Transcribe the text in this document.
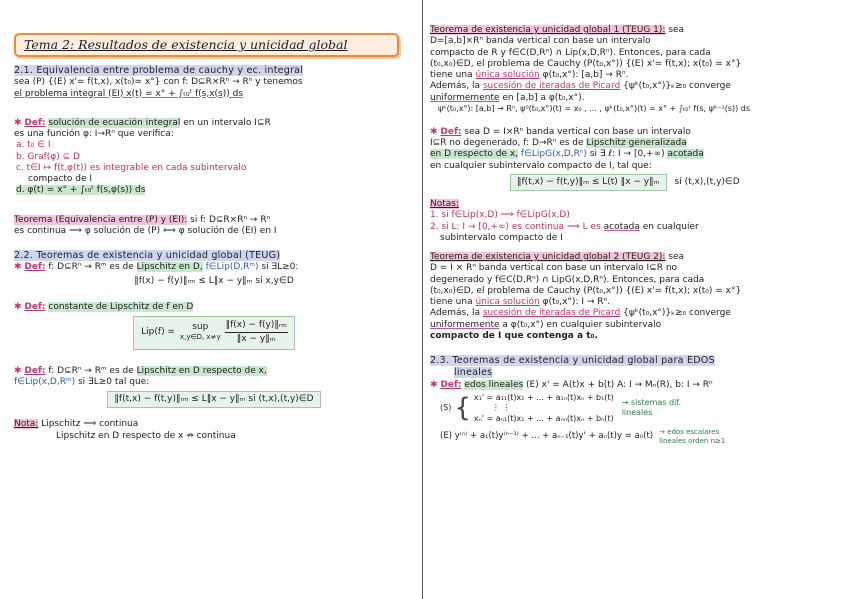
Tema 2: Resultados de existencia y unicidad global

2.1. Equivalencia entre problema de cauchy y ec. integral

sea (P) {(E) x'= f(t,x), x(t₀)= x°} con f: D⊆R×Rⁿ → Rⁿ y tenemos

el problema integral (EI) x(t) = x° + ∫ₜ₀ᵗ f(s,x(s)) ds

✱ Def: solución de ecuación integral en un intervalo I⊆R

es una función φ: I→Rⁿ que verifica:

a. t₀ ∈ I

b. Graf(φ) ⊆ D

c. t∈I ↦ f(t,φ(t)) es integrable en cada subintervalo

compacto de I

d. φ(t) = x° + ∫ₜ₀ᵗ f(s,φ(s)) ds

Teorema (Equivalencia entre (P) y (EI): si f: D⊆R×Rⁿ → Rⁿ

es continua ⟹ φ solución de (P) ⟺ φ solución de (EI) en I

2.2. Teoremas de existencia y unicidad global (TEUG)

✱ Def: f: D⊆Rⁿ → Rᵐ es de Lipschitz en D, f∈Lip(D,Rᵐ) si ∃L≥0:

‖f(x) − f(y)‖ᵣₘ ≤ L‖x − y‖ᵣₙ si x,y∈D

✱ Def: constante de Lipschitz de f en D

Lip(f) =	sup
x,y∈D, x≠y	‖f(x) − f(y)‖ᵣₘ
‖x − y‖ᵣₙ

✱ Def: f: D⊆Rⁿ → Rᵐ es de Lipschitz en D respecto de x,

f∈Lip(x,D,Rᵐ) si ∃L≥0 tal que:

‖f(t,x) − f(t,y)‖ᵣₘ ≤ L‖x − y‖ᵣₙ si (t,x),(t,y)∈D

Nota: Lipschitz ⟹ continua

Lipschitz en D respecto de x ⇏ continua

Teorema de existencia y unicidad global 1 (TEUG 1): sea

D=[a,b]×Rⁿ banda vertical con base un intervalo

compacto de R y f∈C(D,Rⁿ) ∩ Lip(x,D,Rⁿ). Entonces, para cada

(t₀,x₀)∈D, el problema de Cauchy (P(t₀,x°)) {(E) x'= f(t,x); x(t₀) = x°}

tiene una única solución φ(t₀,x°): [a,b] → Rⁿ.

Además, la sucesión de iteradas de Picard {ψᵏ(t₀,x°)}ₖ≥₀ converge

uniformemente en [a,b] a φ(t₀,x°).

ψᵏ(t₀,x°): [a,b] → Rⁿ, ψ⁰(t₀,x°)(t) = x₀ , ... , ψᵏ(t₀,x°)(t) = x° + ∫ₜ₀ᵗ f(s, ψᵏ⁻¹(s)) ds

✱ Def: sea D = I×Rⁿ banda vertical con base un intervalo

I⊆R no degenerado, f: D→Rⁿ es de Lipschitz generalizada

en D respecto de x, f∈LipG(x,D,Rⁿ) si ∃ ℓ: I → [0,+∞) acotada

en cualquier subintervalo compacto de I, tal que:

‖f(t,x) − f(t,y)‖ᵣₙ ≤ L(t) ‖x − y‖ᵣₙ si (t,x),(t,y)∈D

Notas:

1. si f∈Lip(x,D) ⟹ f∈LipG(x,D)

2. si L: I → [0,+∞) es continua ⟹ L es acotada en cualquier

subintervalo compacto de I

Teorema de existencia y unicidad global 2 (TEUG 2): sea

D = I × Rⁿ banda vertical con base un intervalo I⊆R no

degenerado y f∈C(D,Rⁿ) ∩ LipG(x,D,Rⁿ). Entonces, para cada

(t₀,x₀)∈D, el problema de Cauchy (P(t₀,x°)) {(E) x'= f(t,x); x(t₀) = x°}

tiene una única solución φ(t₀,x°): I → Rⁿ.

Además, la sucesión de iteradas de Picard {ψᵏ(t₀,x°)}ₖ≥₀ converge

uniformemente a φ(t₀,x°) en cualquier subintervalo

compacto de I que contenga a t₀.

2.3. Teoremas de existencia y unicidad global para EDOS

lineales

✱ Def: edos lineales (E) x' = A(t)x + b(t) A: I → Mₙ(R), b: I → Rⁿ

(S) { x₁' = a₁₁(t)x₁ + ... + a₁ₙ(t)xₙ + b₁(t)
⋮ ⋮
xₙ' = aₙ₁(t)x₁ + ... + aₙₙ(t)xₙ + bₙ(t)
→ sistemas dif. lineales
(E) y⁽ⁿ⁾ + a₁(t)y⁽ⁿ⁻¹⁾ + ... + aₙ₋₁(t)y' + aₙ(t)y = a₀(t) → edos escalares lineales orden n≥1
